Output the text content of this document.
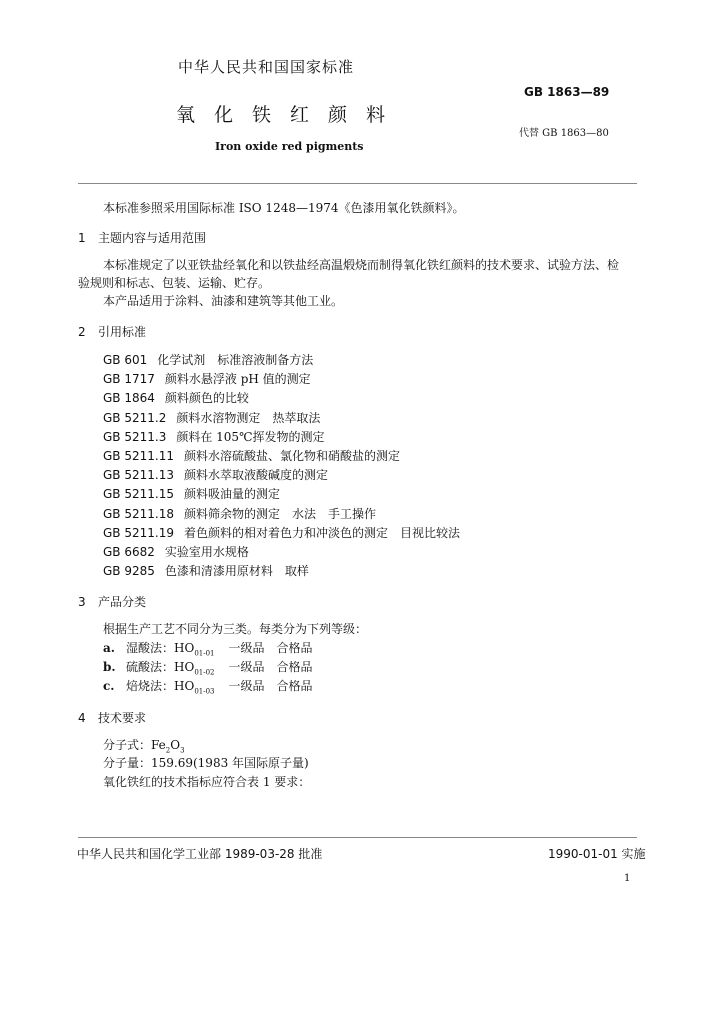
中华人民共和国国家标准
GB 1863—89
氧化铁红颜料
代替 GB 1863—80
Iron oxide red pigments
本标准参照采用国际标准 ISO 1248—1974《色漆用氧化铁颜料》。
1 主题内容与适用范围
本标准规定了以亚铁盐经氧化和以铁盐经高温煅烧而制得氧化铁红颜料的技术要求、试验方法、检
验规则和标志、包装、运输、贮存。
本产品适用于涂料、油漆和建筑等其他工业。
2 引用标准
GB 601 化学试剂　标准溶液制备方法
GB 1717 颜料水悬浮液 pH 值的测定
GB 1864 颜料颜色的比较
GB 5211.2 颜料水溶物测定　热萃取法
GB 5211.3 颜料在 105℃挥发物的测定
GB 5211.11 颜料水溶硫酸盐、氯化物和硝酸盐的测定
GB 5211.13 颜料水萃取液酸碱度的测定
GB 5211.15 颜料吸油量的测定
GB 5211.18 颜料筛余物的测定　水法　手工操作
GB 5211.19 着色颜料的相对着色力和冲淡色的测定　目视比较法
GB 6682 实验室用水规格
GB 9285 色漆和清漆用原材料　取样
3 产品分类
根据生产工艺不同分为三类。每类分为下列等级：
a. 湿酸法：$HO_{01-01}$ 一级品　合格品
b. 硫酸法：$HO_{01-02}$ 一级品　合格品
c. 焙烧法：$HO_{01-03}$ 一级品　合格品
4 技术要求
分子式：$Fe_2O_3$
分子量：159.69(1983 年国际原子量)
氧化铁红的技术指标应符合表 1 要求：
中华人民共和国化学工业部 1989-03-28 批准	1990-01-01 实施
1
